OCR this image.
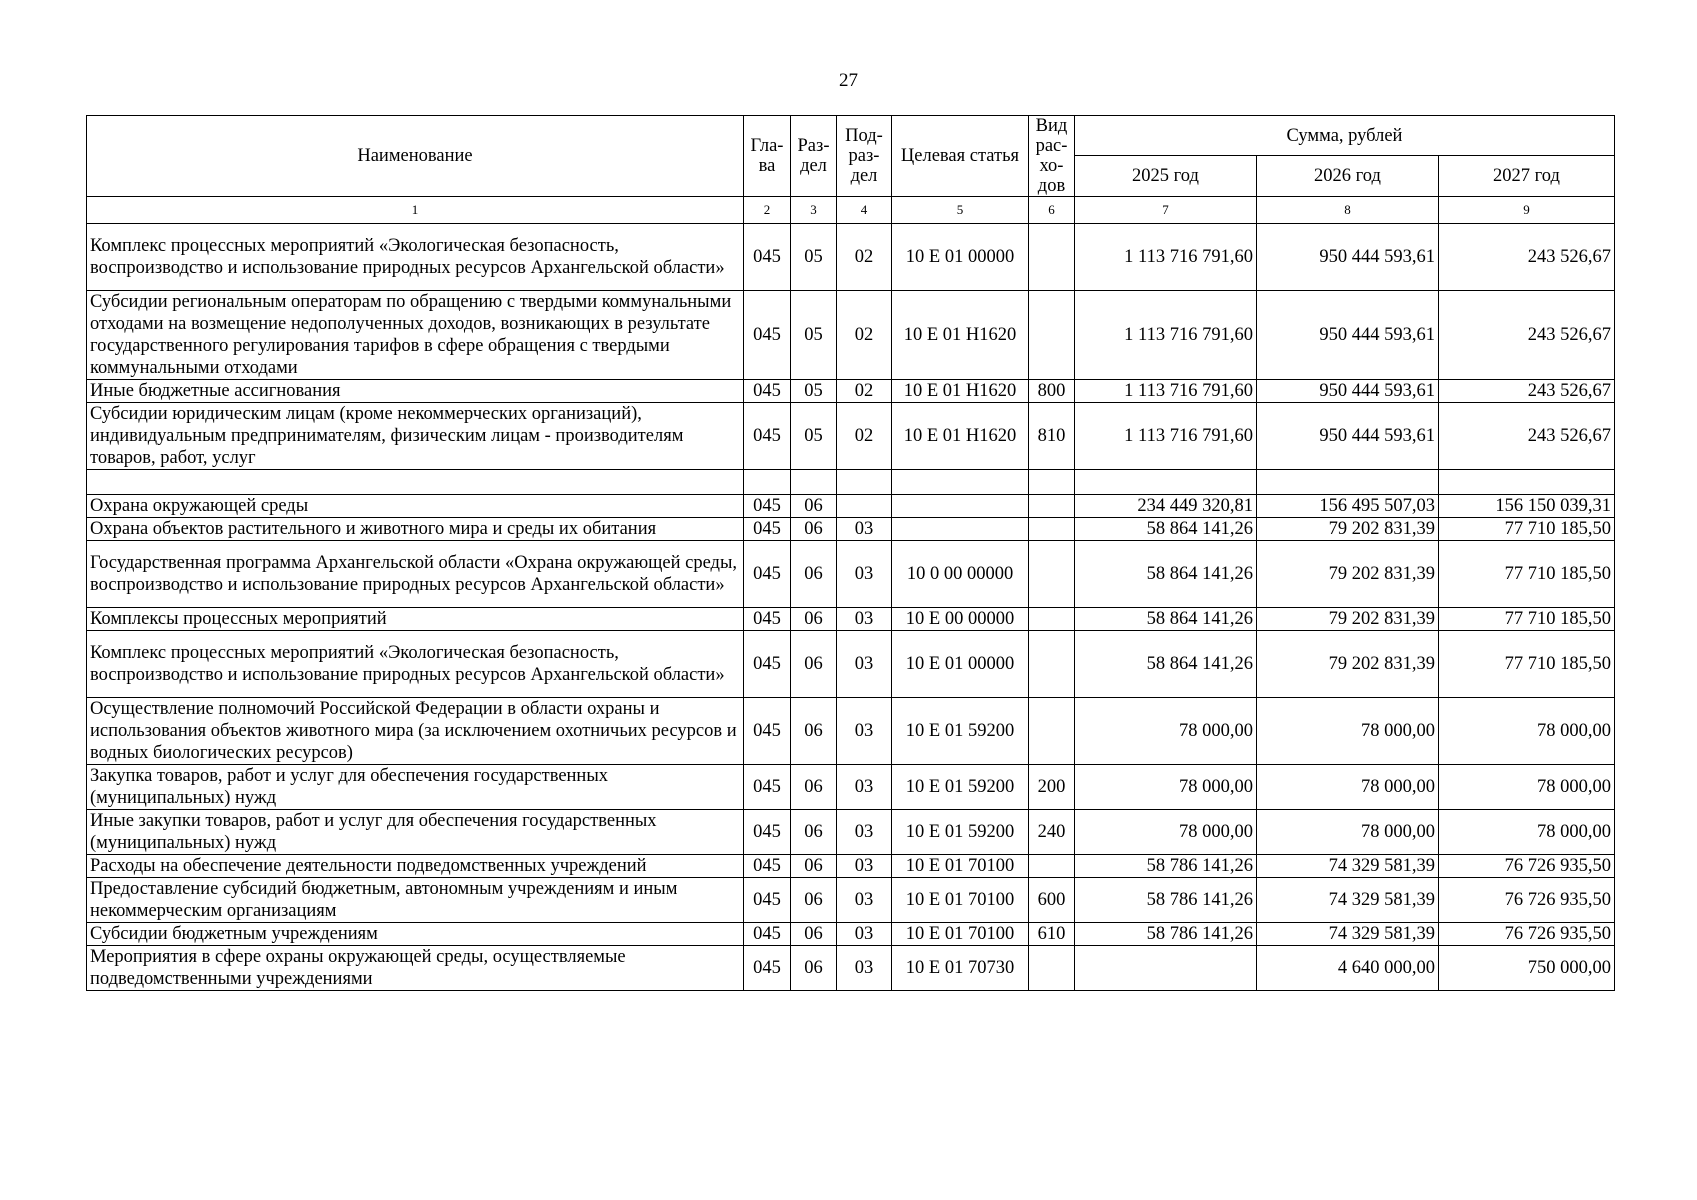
27
Наименование	Гла- ва	Раз- дел	Под- раз- дел	Целевая статья	Вид рас- хо- дов	Сумма, рублей		
						2025 год	2026 год	2027 год
1	2	3	4	5	6	7	8	9
Комплекс процессных мероприятий «Экологическая безопасность, воспроизводство и использование природных ресурсов Архангельской области»	045	05	02	10 Е 01 00000		1 113 716 791,60	950 444 593,61	243 526,67
Субсидии региональным операторам по обращению с твердыми коммунальными отходами на возмещение недополученных доходов, возникающих в результате государственного регулирования тарифов в сфере обращения с твердыми коммунальными отходами	045	05	02	10 Е 01 Н1620		1 113 716 791,60	950 444 593,61	243 526,67
Иные бюджетные ассигнования	045	05	02	10 Е 01 Н1620	800	1 113 716 791,60	950 444 593,61	243 526,67
Субсидии юридическим лицам (кроме некоммерческих организаций), индивидуальным предпринимателям, физическим лицам - производителям товаров, работ, услуг	045	05	02	10 Е 01 Н1620	810	1 113 716 791,60	950 444 593,61	243 526,67

Охрана окружающей среды	045	06				234 449 320,81	156 495 507,03	156 150 039,31
Охрана объектов растительного и животного мира и среды их обитания	045	06	03			58 864 141,26	79 202 831,39	77 710 185,50
Государственная программа Архангельской области «Охрана окружающей среды, воспроизводство и использование природных ресурсов Архангельской области»	045	06	03	10 0 00 00000		58 864 141,26	79 202 831,39	77 710 185,50
Комплексы процессных мероприятий	045	06	03	10 Е 00 00000		58 864 141,26	79 202 831,39	77 710 185,50
Комплекс процессных мероприятий «Экологическая безопасность, воспроизводство и использование природных ресурсов Архангельской области»	045	06	03	10 Е 01 00000		58 864 141,26	79 202 831,39	77 710 185,50
Осуществление полномочий Российской Федерации в области охраны и использования объектов животного мира (за исключением охотничьих ресурсов и водных биологических ресурсов)	045	06	03	10 Е 01 59200		78 000,00	78 000,00	78 000,00
Закупка товаров, работ и услуг для обеспечения государственных (муниципальных) нужд	045	06	03	10 Е 01 59200	200	78 000,00	78 000,00	78 000,00
Иные закупки товаров, работ и услуг для обеспечения государственных (муниципальных) нужд	045	06	03	10 Е 01 59200	240	78 000,00	78 000,00	78 000,00
Расходы на обеспечение деятельности подведомственных учреждений	045	06	03	10 Е 01 70100		58 786 141,26	74 329 581,39	76 726 935,50
Предоставление субсидий бюджетным, автономным учреждениям и иным некоммерческим организациям	045	06	03	10 Е 01 70100	600	58 786 141,26	74 329 581,39	76 726 935,50
Субсидии бюджетным учреждениям	045	06	03	10 Е 01 70100	610	58 786 141,26	74 329 581,39	76 726 935,50
Мероприятия в сфере охраны окружающей среды, осуществляемые подведомственными учреждениями	045	06	03	10 Е 01 70730			4 640 000,00	750 000,00
